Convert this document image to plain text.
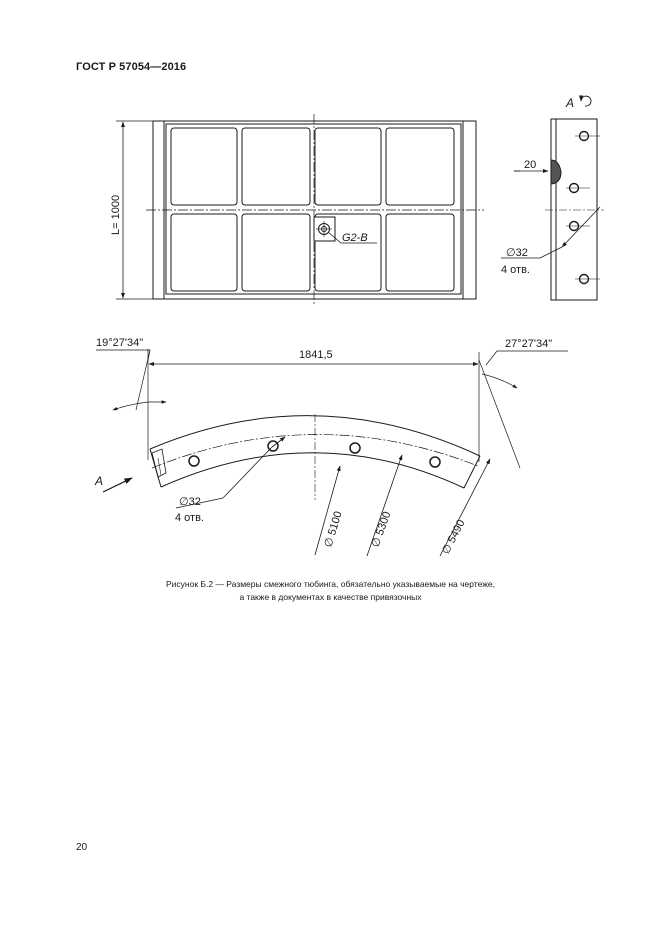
ГОСТ Р 57054—2016
L= 1000
G2-B
A
20
∅32
4 отв.
19°27'34"	27°27'34"
1841,5
A
∅32
4 отв.	∅ 5100 ∅ 5300	∅ 5490
Рисунок Б.2 — Размеры смежного тюбинга, обязательно указываемые на чертеже,
а также в документах в качестве привязочных
20
